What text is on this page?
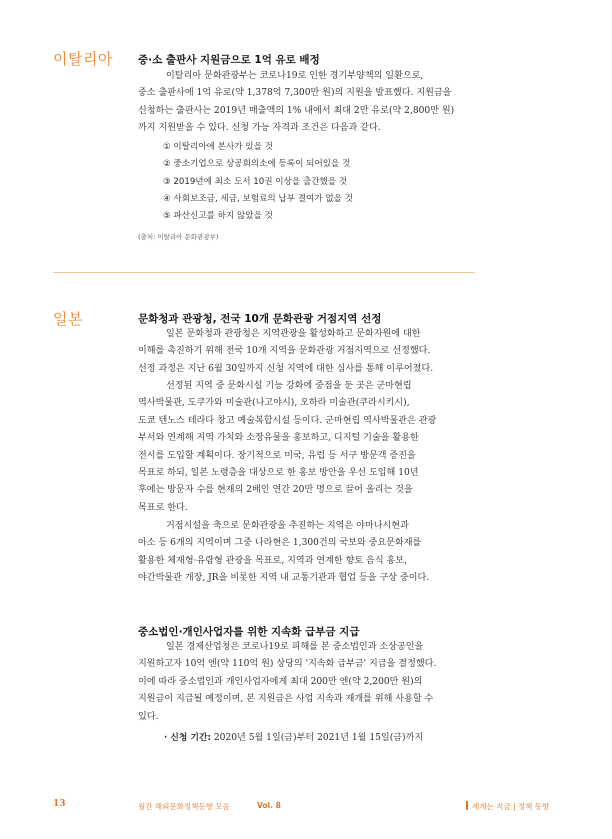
이탈리아 중·소 출판사 지원금으로 1억 유로 배정
이탈리아 문화관광부는 코로나19로 인한 경기부양책의 일환으로,
중소 출판사에 1억 유로(약 1,378억 7,300만 원)의 지원을 발표했다. 지원금을
신청하는 출판사는 2019년 매출액의 1% 내에서 최대 2만 유로(약 2,800만 원)
까지 지원받을 수 있다. 신청 가능 자격과 조건은 다음과 같다.
① 이탈리아에 본사가 있을 것
② 중소기업으로 상공회의소에 등록이 되어있을 것
③ 2019년에 최소 도서 10권 이상을 출간했을 것
④ 사회보조금, 세금, 보험료의 납부 결여가 없을 것
⑤ 파산신고를 하지 않았을 것
(출처: 이탈리아 문화관광부)
일본	문화청과 관광청, 전국 10개 문화관광 거점지역 선정
일본 문화청과 관광청은 지역관광을 활성화하고 문화자원에 대한
이해를 촉진하기 위해 전국 10개 지역을 문화관광 거점지역으로 선정했다.
선정 과정은 지난 6월 30일까지 신청 지역에 대한 심사를 통해 이루어졌다.
선정된 지역 중 문화시설 기능 강화에 중점을 둔 곳은 군마현립
역사박물관, 도쿠가와 미술관(나고야시), 오하라 미술관(쿠라시키시),
도쿄 텐노스 테라다 창고 예술복합시설 등이다. 군마현립 역사박물관은 관광
부서와 연계해 지역 가치와 소장유물을 홍보하고, 디지털 기술을 활용한
전시를 도입할 계획이다. 장기적으로 미국, 유럽 등 서구 방문객 증진을
목표로 하되, 일본 노령층을 대상으로 한 홍보 방안을 우선 도입해 10년
후에는 방문자 수를 현재의 2배인 연간 20만 명으로 끌어 올리는 것을
목표로 한다.
거점시설을 축으로 문화관광을 추진하는 지역은 야마나시현과
아소 등 6개의 지역이며 그중 나라현은 1,300건의 국보와 중요문화재를
활용한 체재형·유람형 관광을 목표로, 지역과 연계한 향토 음식 홍보,
야간박물관 개장, JR을 비롯한 지역 내 교통기관과 협업 등을 구상 중이다.
중소법인·개인사업자를 위한 지속화 급부금 지급
일본 경제산업청은 코로나19로 피해를 본 중소법인과 소상공인을
지원하고자 10억 엔(약 110억 원) 상당의 '지속화 급부금' 지급을 결정했다.
이에 따라 중소법인과 개인사업자에게 최대 200만 엔(약 2,200만 원)의
지원금이 지급될 예정이며, 본 지원금은 사업 지속과 재개를 위해 사용할 수
있다.
· 신청 기간: 2020년 5월 1일(금)부터 2021년 1월 15일(금)까지
13	월간 해외문화정책동향 모음	Vol. 8	세계는 지금 | 정책 동향
